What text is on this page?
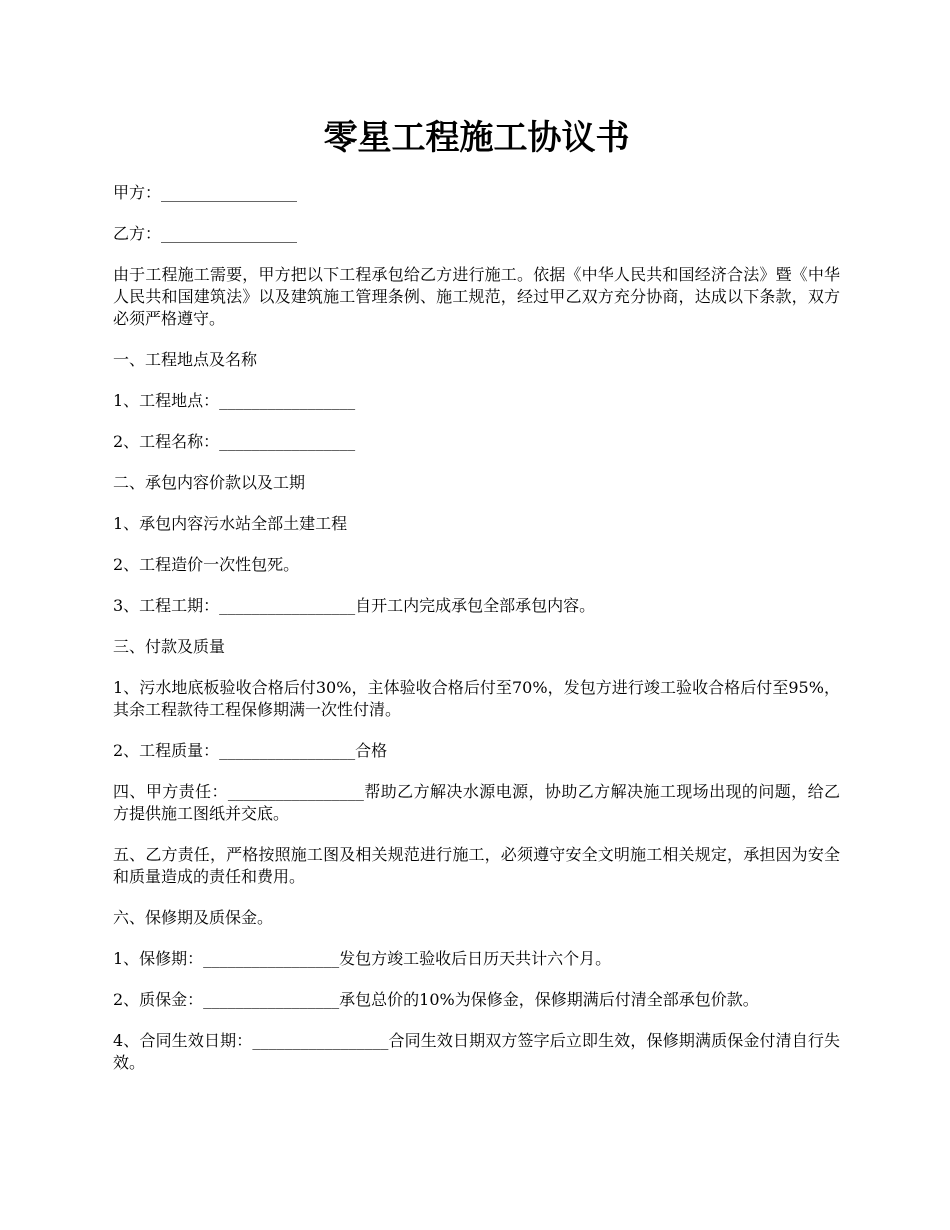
零星工程施工协议书
甲方：_________________
乙方：_________________
由于工程施工需要，甲方把以下工程承包给乙方进行施工。依据《中华人民共和国经济合法》暨《中华人民共和国建筑法》以及建筑施工管理条例、施工规范，经过甲乙双方充分协商，达成以下条款，双方必须严格遵守。
一、工程地点及名称
1、工程地点：_________________
2、工程名称：_________________
二、承包内容价款以及工期
1、承包内容污水站全部土建工程
2、工程造价一次性包死。
3、工程工期：_________________自开工内完成承包全部承包内容。
三、付款及质量
1、污水地底板验收合格后付30%，主体验收合格后付至70%，发包方进行竣工验收合格后付至95%，其余工程款待工程保修期满一次性付清。
2、工程质量：_________________合格
四、甲方责任：_________________帮助乙方解决水源电源，协助乙方解决施工现场出现的问题，给乙方提供施工图纸并交底。
五、乙方责任，严格按照施工图及相关规范进行施工，必须遵守安全文明施工相关规定，承担因为安全和质量造成的责任和费用。
六、保修期及质保金。
1、保修期：_________________发包方竣工验收后日历天共计六个月。
2、质保金：_________________承包总价的10%为保修金，保修期满后付清全部承包价款。
4、合同生效日期：_________________合同生效日期双方签字后立即生效，保修期满质保金付清自行失效。
